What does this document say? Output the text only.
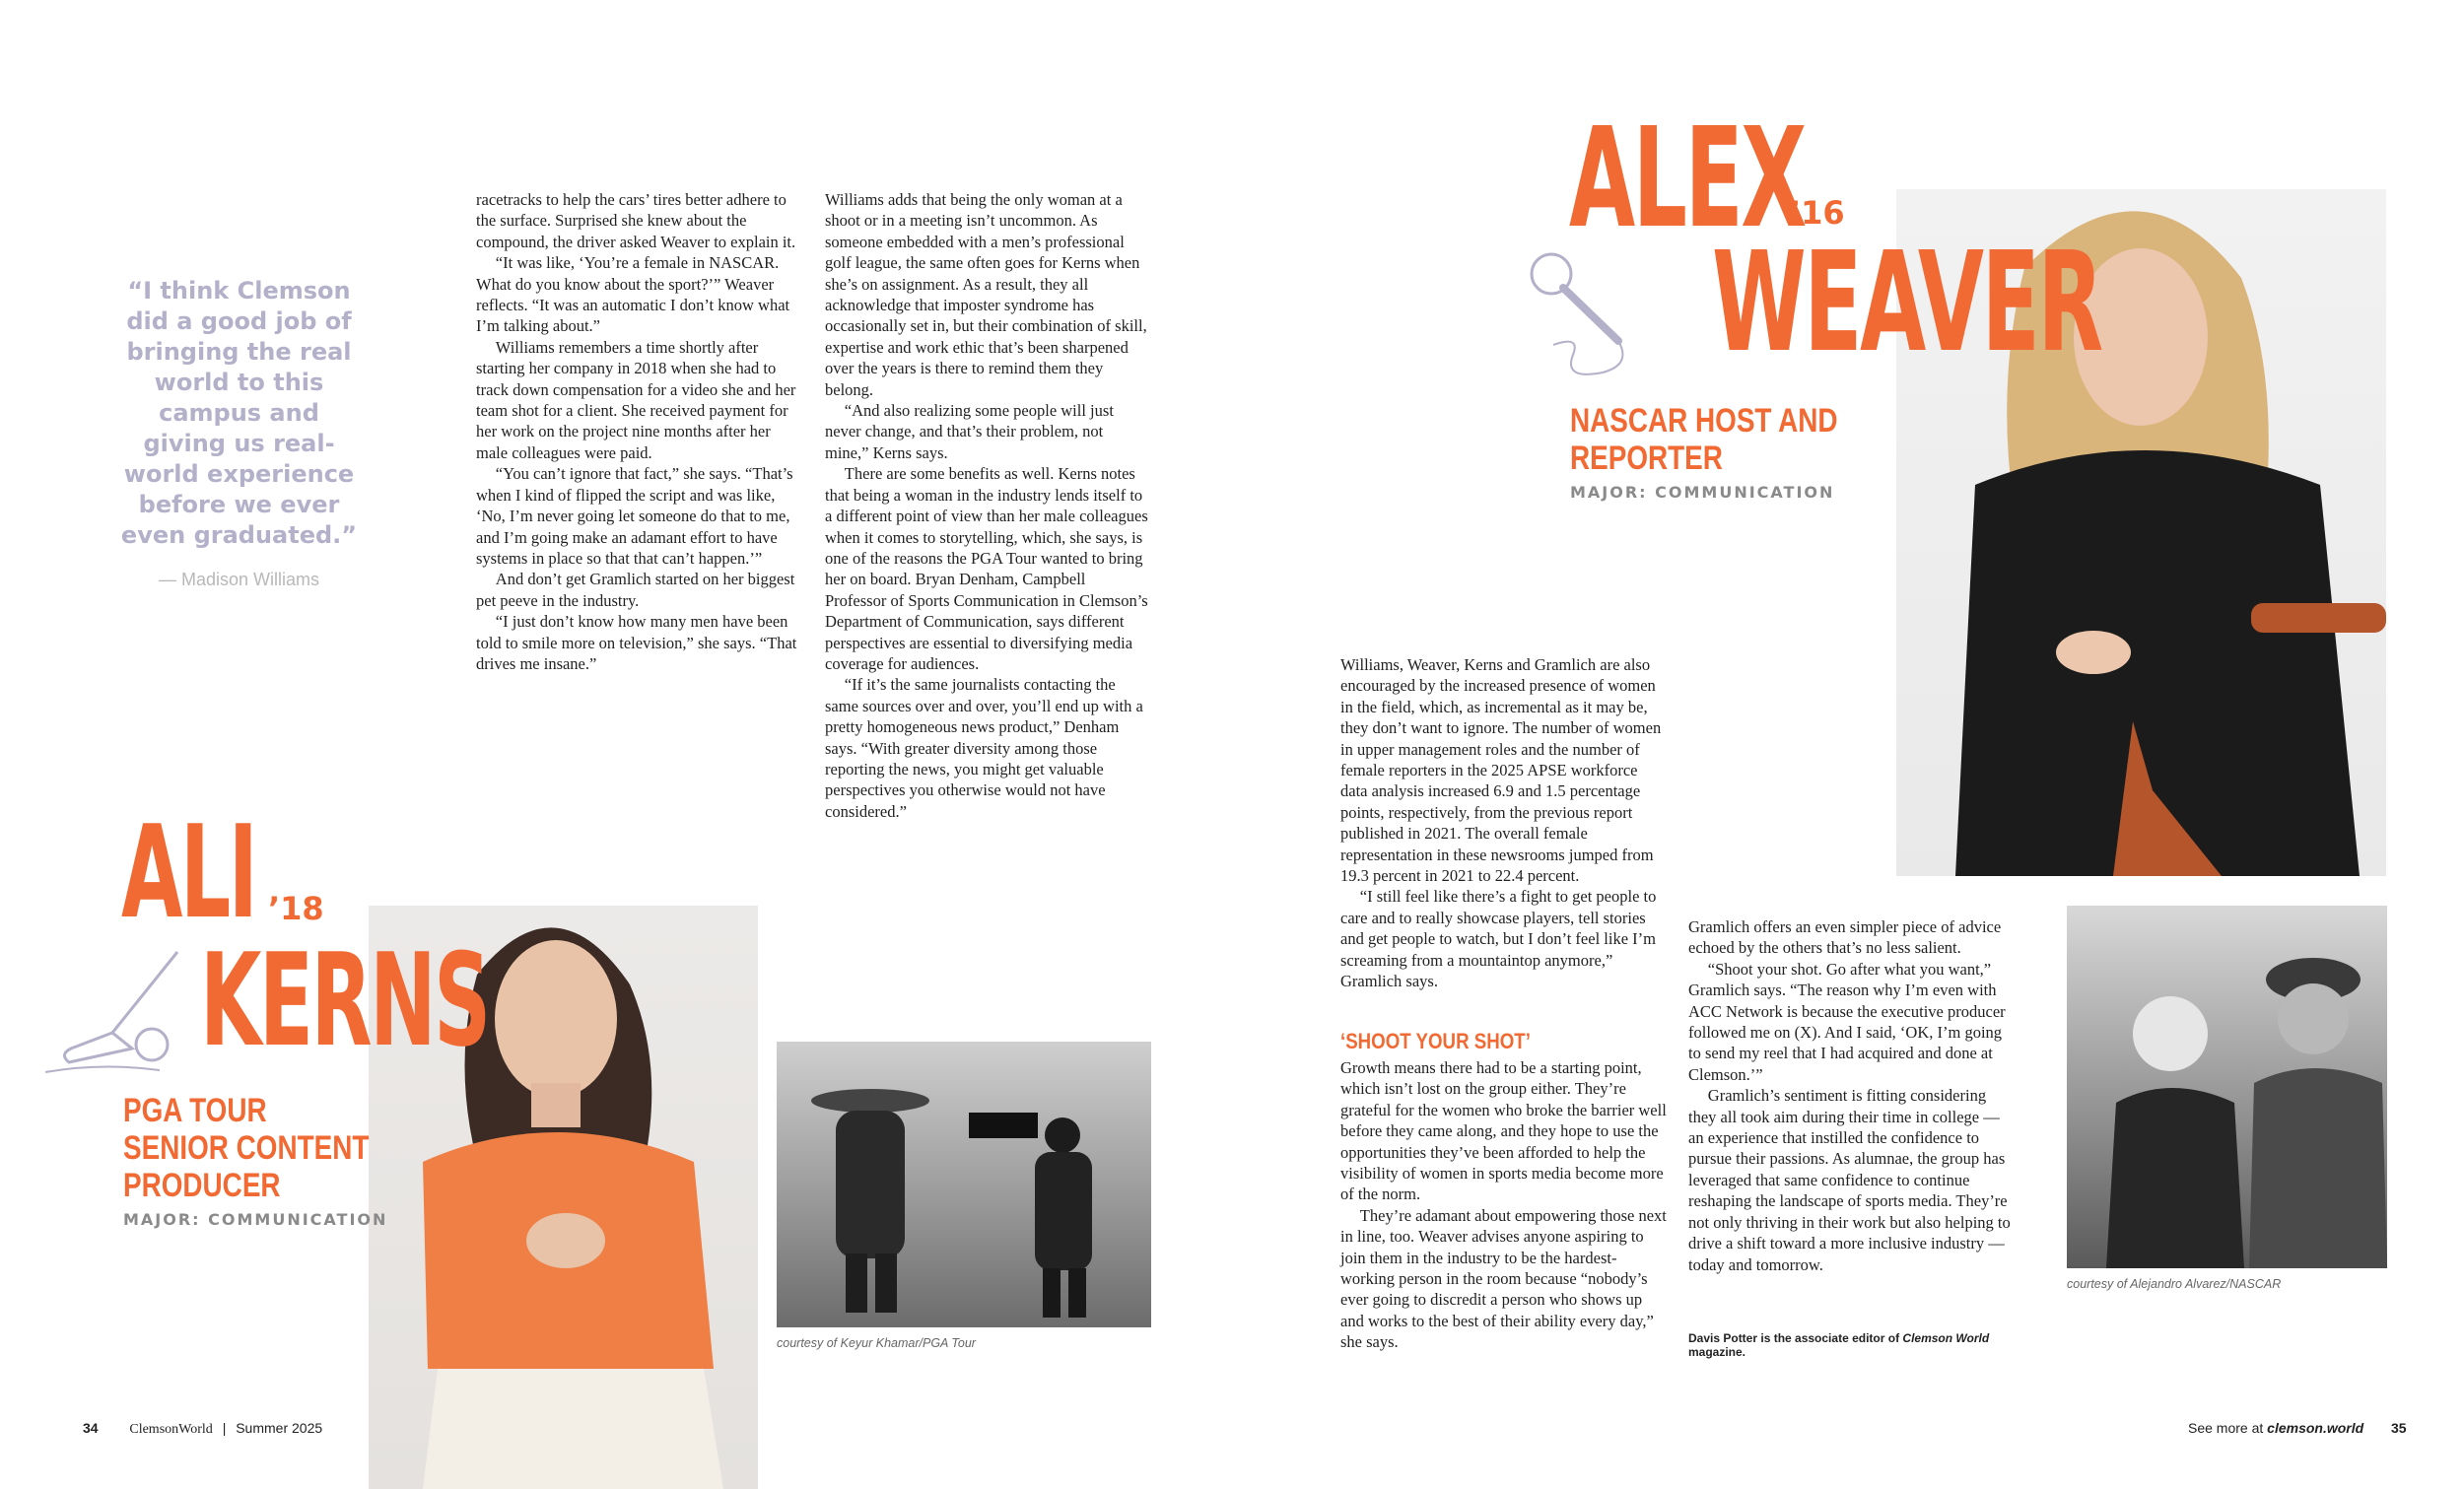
“I think Clemson did a good job of bringing the real world to this campus and giving us real-world experience before we ever even graduated.”
— Madison Williams

racetracks to help the cars’ tires better adhere to the surface. Surprised she knew about the compound, the driver asked Weaver to explain it.

“It was like, ‘You’re a female in NASCAR. What do you know about the sport?’” Weaver reflects. “It was an automatic I don’t know what I’m talking about.”

Williams remembers a time shortly after starting her company in 2018 when she had to track down compensation for a video she and her team shot for a client. She received payment for her work on the project nine months after her male colleagues were paid.

“You can’t ignore that fact,” she says. “That’s when I kind of flipped the script and was like, ‘No, I’m never going let someone do that to me, and I’m going make an adamant effort to have systems in place so that that can’t happen.’”

And don’t get Gramlich started on her biggest pet peeve in the industry.

“I just don’t know how many men have been told to smile more on television,” she says. “That drives me insane.”

Williams adds that being the only woman at a shoot or in a meeting isn’t uncommon. As someone embedded with a men’s professional golf league, the same often goes for Kerns when she’s on assignment. As a result, they all acknowledge that imposter syndrome has occasionally set in, but their combination of skill, expertise and work ethic that’s been sharpened over the years is there to remind them they belong.

“And also realizing some people will just never change, and that’s their problem, not mine,” Kerns says.

There are some benefits as well. Kerns notes that being a woman in the industry lends itself to a different point of view than her male colleagues when it comes to storytelling, which, she says, is one of the reasons the PGA Tour wanted to bring her on board. Bryan Denham, Campbell Professor of Sports Communication in Clemson’s Department of Communication, says different perspectives are essential to diversifying media coverage for audiences.

“If it’s the same journalists contacting the same sources over and over, you’ll end up with a pretty homogeneous news product,” Denham says. “With greater diversity among those reporting the news, you might get valuable perspectives you otherwise would not have considered.”

Williams, Weaver, Kerns and Gramlich are also encouraged by the increased presence of women in the field, which, as incremental as it may be, they don’t want to ignore. The number of women in upper management roles and the number of female reporters in the 2025 APSE workforce data analysis increased 6.9 and 1.5 percentage points, respectively, from the previous report published in 2021. The overall female representation in these newsrooms jumped from 19.3 percent in 2021 to 22.4 percent.

“I still feel like there’s a fight to get people to care and to really showcase players, tell stories and get people to watch, but I don’t feel like I’m screaming from a mountaintop anymore,” Gramlich says.

‘SHOOT YOUR SHOT’

Growth means there had to be a starting point, which isn’t lost on the group either. They’re grateful for the women who broke the barrier well before they came along, and they hope to use the opportunities they’ve been afforded to help the visibility of women in sports media become more of the norm.

They’re adamant about empowering those next in line, too. Weaver advises anyone aspiring to join them in the industry to be the hardest-working person in the room because “nobody’s ever going to discredit a person who shows up and works to the best of their ability every day,” she says.

Gramlich offers an even simpler piece of advice echoed by the others that’s no less salient.

“Shoot your shot. Go after what you want,” Gramlich says. “The reason why I’m even with ACC Network is because the executive producer followed me on (X). And I said, ‘OK, I’m going to send my reel that I had acquired and done at Clemson.’”

Gramlich’s sentiment is fitting considering they all took aim during their time in college — an experience that instilled the confidence to pursue their passions. As alumnae, the group has leveraged that same confidence to continue reshaping the landscape of sports media. They’re not only thriving in their work but also helping to drive a shift toward a more inclusive industry — today and tomorrow.

Davis Potter is the associate editor of Clemson World magazine.
ALI ’18
KERNS
PGA TOUR
SENIOR CONTENT
PRODUCER
MAJOR: COMMUNICATION
courtesy of Keyur Khamar/PGA Tour
ALEX
’16
WEAVER
NASCAR HOST AND
REPORTER
MAJOR: COMMUNICATION
courtesy of Alejandro Alvarez/NASCAR
34 ClemsonWorld | Summer 2025	See more at clemson.world 35
